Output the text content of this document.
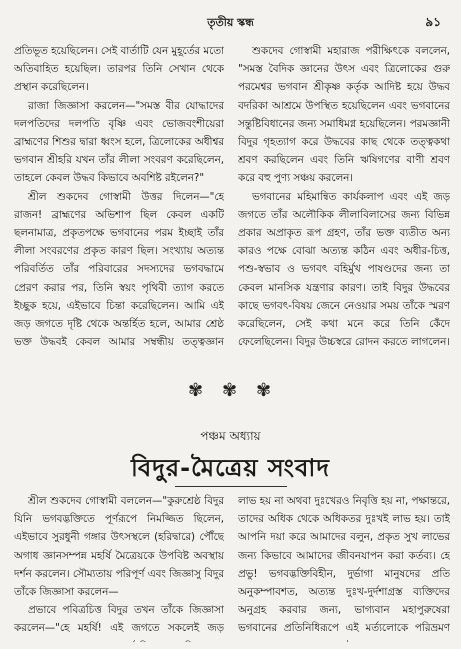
তৃতীয় স্কন্ধ	৯১

প্রতিভূত হয়েছিলেন। সেই বার্তাটি যেন মুহূর্তের মতো অতিবাহিত হয়েছিল। তারপর তিনি সেখান থেকে প্রস্থান করেছিলেন।

রাজা জিজ্ঞাসা করলেন—"সমস্ত বীর যোদ্ধাদের দলপতিদের দলপতি বৃষ্ণি এবং ভোজবংশীয়েরা ব্রাহ্মণের শিশুর দ্বারা ধ্বংস হলে, ত্রিলোকের অধীশ্বর ভগবান শ্রীহরি যখন তাঁর লীলা সংবরণ করেছিলেন, তাহলে কেবল উদ্ধব কিভাবে অবশিষ্ট রইলেন?"

শ্রীল শুকদেব গোস্বামী উত্তর দিলেন—"হে রাজন! ব্রাহ্মণের অভিশাপ ছিল কেবল একটি ছলনামাত্র, প্রকৃতপক্ষে ভগবানের পরম ইচ্ছাই তাঁর লীলা সংবরণের প্রকৃত কারণ ছিল। সংখ্যায় অত্যন্ত পরিবর্তিত তাঁর পরিবারের সদস্যদের ভগবদ্ধামে প্রেরণ করার পর, তিনি স্বয়ং পৃথিবী ত্যাগ করতে ইচ্ছুক হয়ে, এইভাবে চিন্তা করেছিলেন। আমি এই জড় জগতে দৃষ্টি থেকে অন্তর্হিত হলে, আমার শ্রেষ্ঠ ভক্ত উদ্ধবই কেবল আমার সম্বন্ধীয় তত্ত্বজ্ঞান

শুকদেব গোস্বামী মহারাজ পরীক্ষিৎকে বললেন, "সমস্ত বৈদিক জ্ঞানের উৎস এবং ত্রিলোকের গুরু পরমেশ্বর ভগবান শ্রীকৃষ্ণ কর্তৃক আদিষ্ট হয়ে উদ্ধব বদরিকা আশ্রমে উপস্থিত হয়েছিলেন এবং ভগবানের সন্তুষ্টিবিধানের জন্য সমাধিমগ্ন হয়েছিলেন। পরমজ্ঞানী বিদুর গৃহত্যাগ করে উদ্ধবের কাছ থেকে তত্ত্বকথা শ্রবণ করছিলেন এবং তিনি ঋষিগণের বাণী শ্রবণ করে বহু পুণ্য সঞ্চয় করলেন।

ভগবানের মহিমান্বিত কার্যকলাপ এবং এই জড় জগতে তাঁর অলৌকিক লীলাবিলাসের জন্য বিভিন্ন প্রকার অপ্রাকৃত রূপ গ্রহণ, তাঁর ভক্ত ব্যতীত অন্য কারও পক্ষে বোঝা অত্যন্ত কঠিন এবং অধীর-চিত্ত, পশু-স্বভাব ও ভগবৎ বহির্মুখ পাষণ্ডদের জন্য তা কেবল মানসিক যন্ত্রণার কারণ। তাই বিদুর উদ্ধবের কাছে ভগবৎ-বিষয় জেনে নেওয়ার সময় তাঁকে স্মরণ করেছিলেন, সেই কথা মনে করে তিনি কেঁদে ফেলেছিলেন। বিদুর উচ্চস্বরে রোদন করতে লাগলেন।

✾ ✾ ✾
পঞ্চম অধ্যায়
বিদুর-মৈত্রেয় সংবাদ

শ্রীল শুকদেব গোস্বামী বললেন—"কুরুশ্রেষ্ঠ বিদুর যিনি ভগবদ্ভক্তিতে পূর্ণরূপে নিমজ্জিত ছিলেন, এইভাবে সুরধুনী গঙ্গার উৎসস্থলে (হরিদ্বারে) পৌঁছে অগাধ জ্ঞানসম্পন্ন মহর্ষি মৈত্রেয়কে উপবিষ্ট অবস্থায় দর্শন করলেন। সৌম্যতায় পরিপূর্ণ এবং জিজ্ঞাসু বিদুর তাঁকে জিজ্ঞাসা করলেন—

প্রভাবে পবিত্রচিত্ত বিদুর তখন তাঁকে জিজ্ঞাসা করলেন—"হে মহর্ষি! এই জগতে সকলেই জড়

লাভ হয় না অথবা দুঃখেরও নিবৃত্তি হয় না, পক্ষান্তরে, তাদের অধিক থেকে অধিকতর দুঃখই লাভ হয়। তাই আপনি দয়া করে আমাদের বলুন, প্রকৃত সুখ লাভের জন্য কিভাবে আমাদের জীবনযাপন করা কর্তব্য। হে প্রভু! ভগবদ্ভক্তিবিহীন, দুর্ভাগা মানুষদের প্রতি অনুকম্পাবশত, অত্যন্ত দুঃখ-দুর্দশাগ্রস্ত ব্যক্তিদের অনুগ্রহ করবার জন্য, ভাগ্যবান মহাপুরুষেরা ভগবানের প্রতিনিধিরূপে এই মর্ত্যলোকে পরিভ্রমণ
